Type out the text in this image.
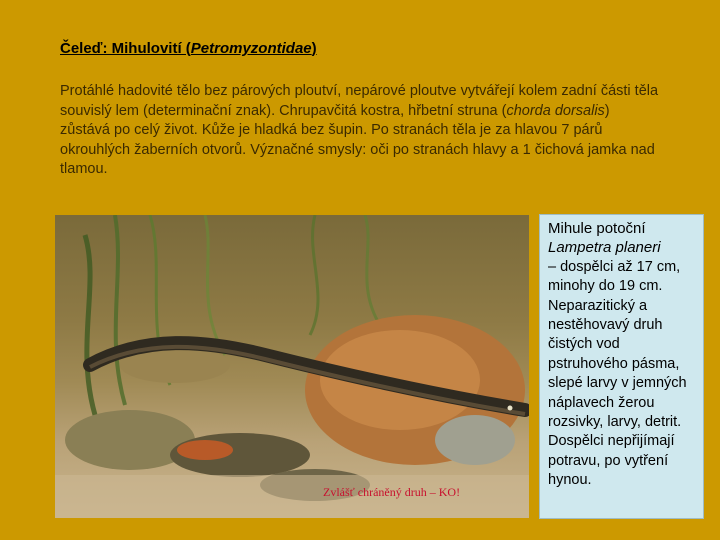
Čeleď: Mihulovití (Petromyzontidae)
Protáhlé hadovité tělo bez párových ploutví, nepárové ploutve vytvářejí kolem zadní části těla souvislý lem (determinační znak). Chrupavčitá kostra, hřbetní struna (chorda dorsalis) zůstává po celý život. Kůže je hladká bez šupin. Po stranách těla je za hlavou 7 párů okrouhlých žaberních otvorů. Význačné smysly: oči po stranách hlavy a 1 čichová jamka nad tlamou.
Zvlášť chráněný druh – KO!
Mihule potoční
Lampetra planeri
– dospělci až 17 cm, minohy do 19 cm. Neparazitický a nestěhovavý druh čistých vod pstruhového pásma, slepé larvy v jemných náplavech žerou rozsivky, larvy, detrit. Dospělci nepřijímají potravu, po vytření hynou.
